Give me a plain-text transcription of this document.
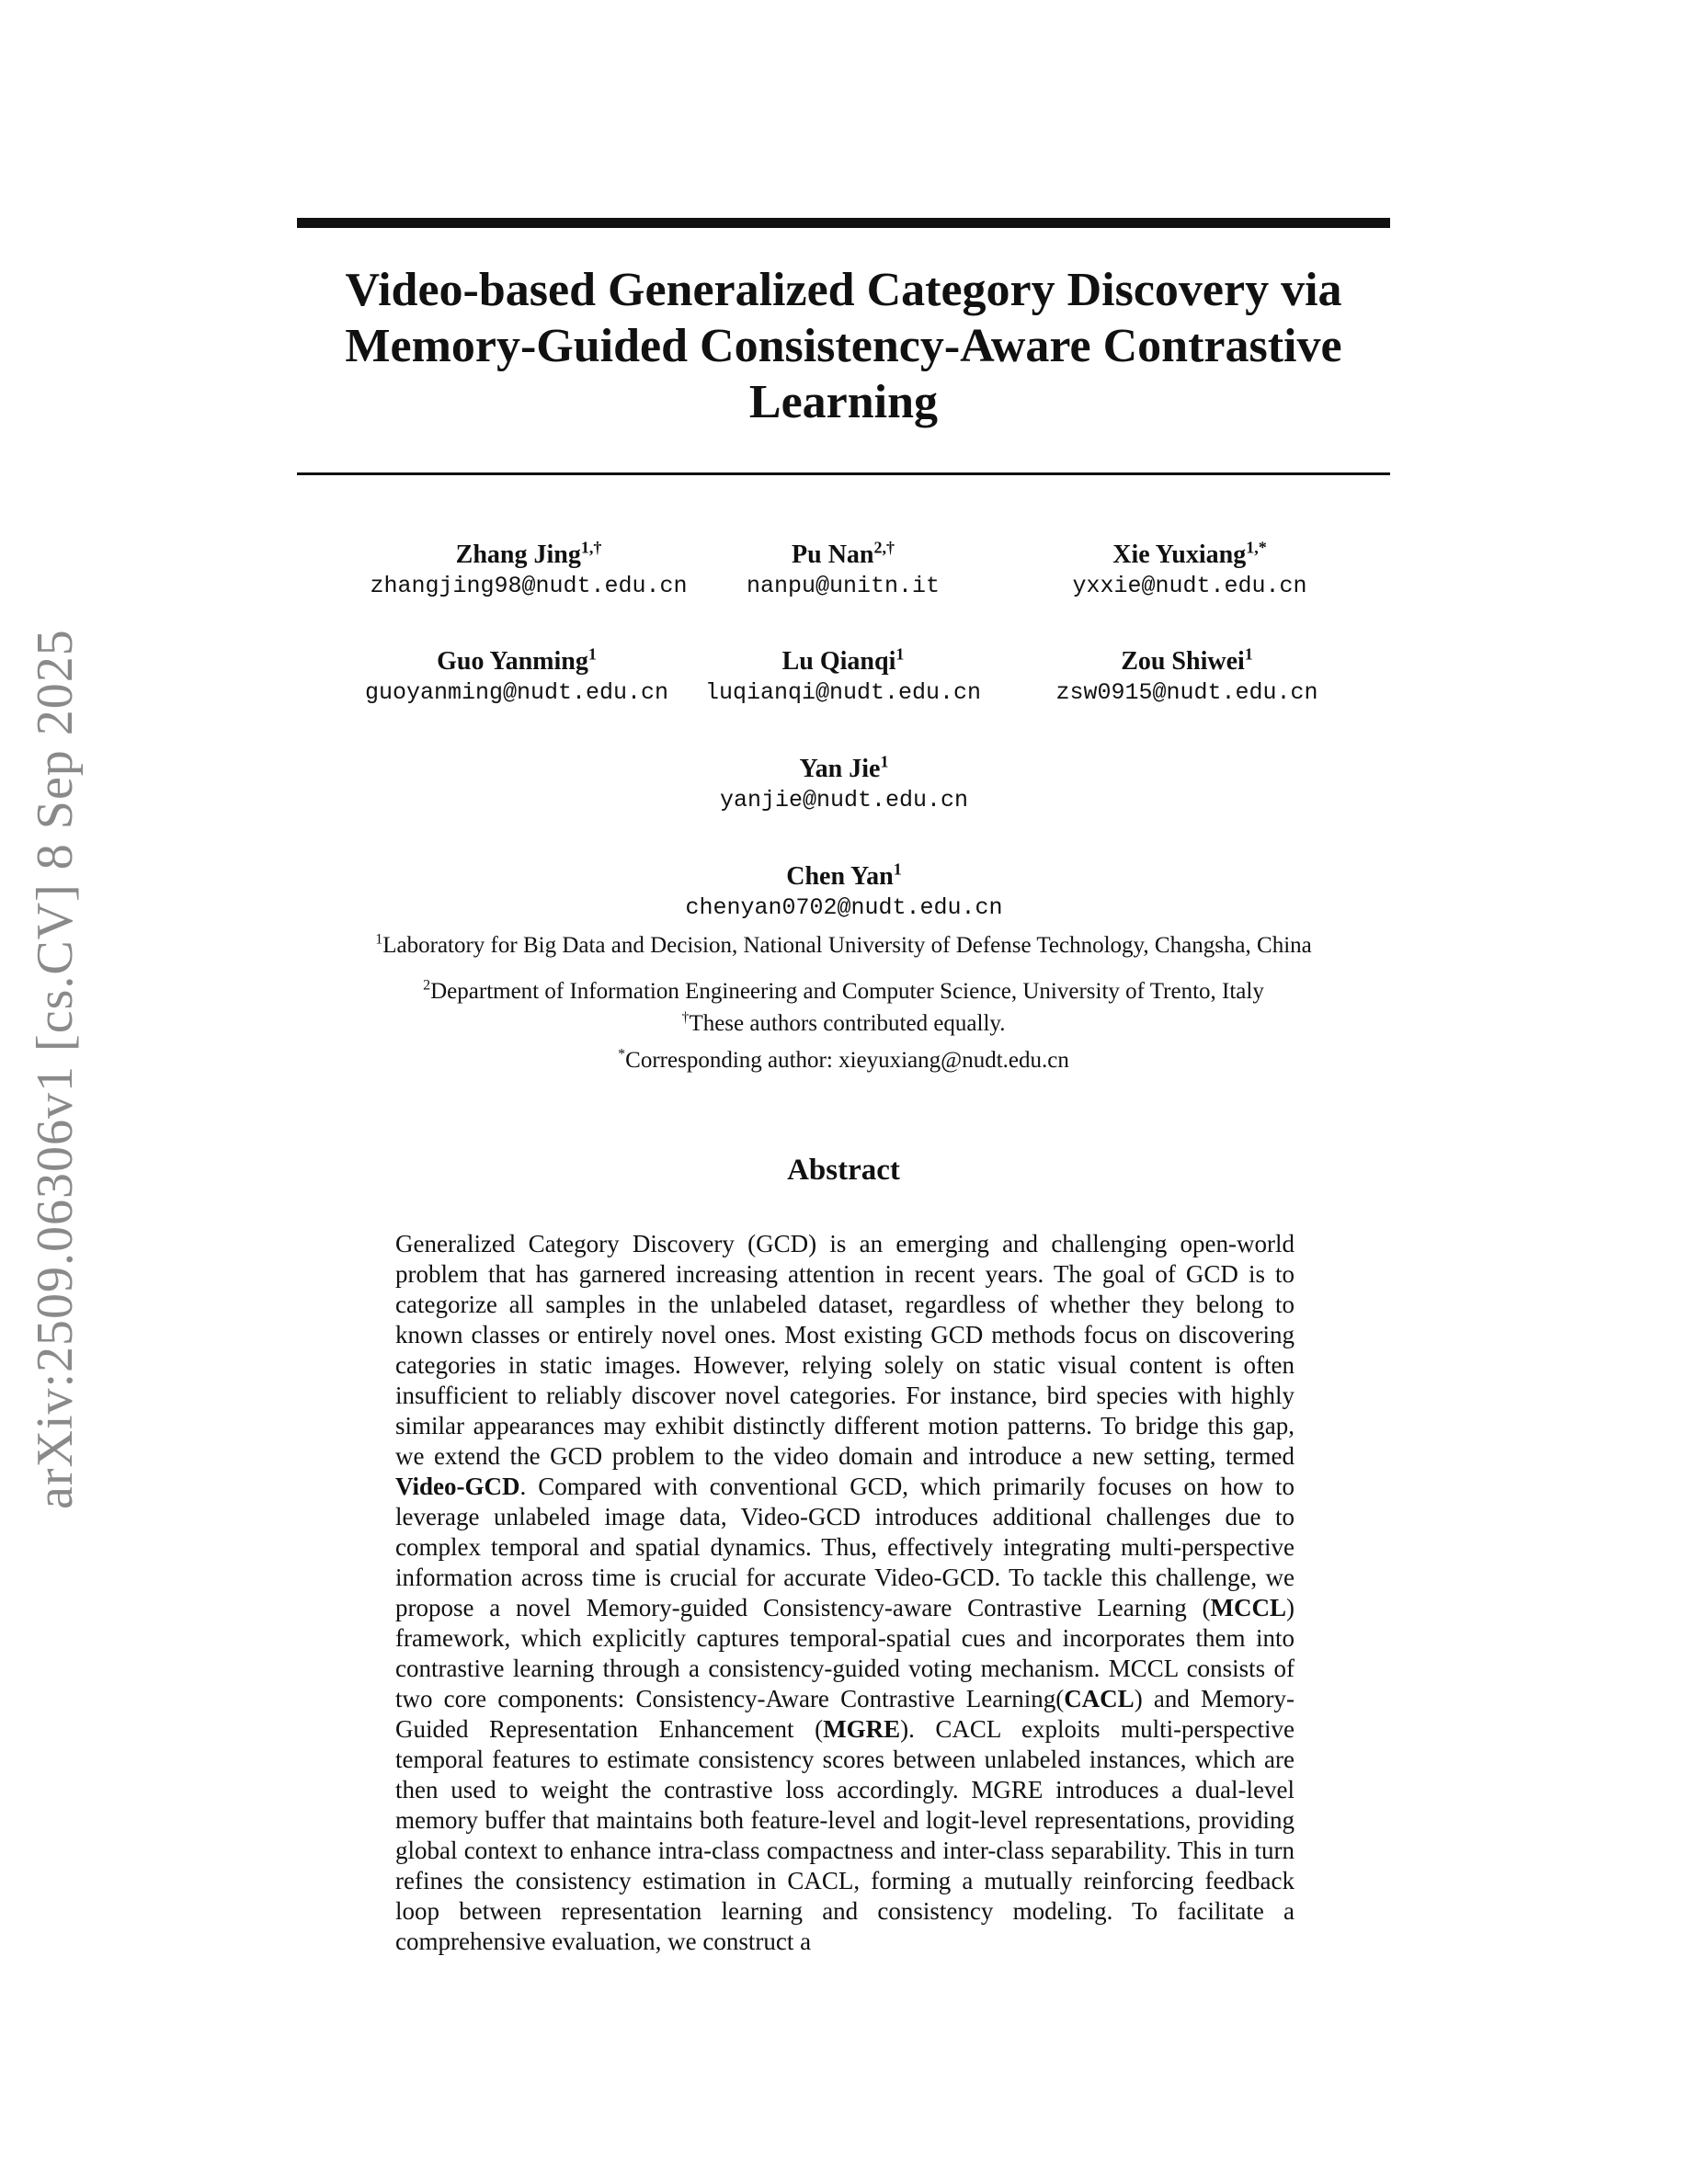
arXiv:2509.06306v1 [cs.CV] 8 Sep 2025
Video-based Generalized Category Discovery via Memory-Guided Consistency-Aware Contrastive Learning
Zhang Jing$^{1,\dagger}$
zhangjing98@nudt.edu.cn
Pu Nan$^{2,\dagger}$
nanpu@unitn.it
Xie Yuxiang$^{1,*}$
yxxie@nudt.edu.cn
Guo Yanming$^1$
guoyanming@nudt.edu.cn
Lu Qianqi$^1$
luqianqi@nudt.edu.cn
Zou Shiwei$^1$
zsw0915@nudt.edu.cn
Yan Jie$^1$
yanjie@nudt.edu.cn
Chen Yan$^1$
chenyan0702@nudt.edu.cn
$^1$Laboratory for Big Data and Decision, National University of Defense Technology, Changsha, China
$^2$Department of Information Engineering and Computer Science, University of Trento, Italy
†These authors contributed equally.
*Corresponding author: xieyuxiang@nudt.edu.cn
Abstract
Generalized Category Discovery (GCD) is an emerging and challenging open-world problem that has garnered increasing attention in recent years. The goal of GCD is to categorize all samples in the unlabeled dataset, regardless of whether they belong to known classes or entirely novel ones. Most existing GCD methods focus on discovering categories in static images. However, relying solely on static visual content is often insufficient to reliably discover novel categories. For instance, bird species with highly similar appearances may exhibit distinctly different motion patterns. To bridge this gap, we extend the GCD problem to the video domain and introduce a new setting, termed Video-GCD. Compared with conventional GCD, which primarily focuses on how to leverage unlabeled image data, Video-GCD introduces additional challenges due to complex temporal and spatial dynamics. Thus, effectively integrating multi-perspective information across time is crucial for accurate Video-GCD. To tackle this challenge, we propose a novel Memory-guided Consistency-aware Contrastive Learning (MCCL) framework, which explicitly captures temporal-spatial cues and incorporates them into contrastive learning through a consistency-guided voting mechanism. MCCL consists of two core components: Consistency-Aware Contrastive Learning(CACL) and Memory-Guided Representation Enhancement (MGRE). CACL exploits multi-perspective temporal features to estimate consistency scores between unlabeled instances, which are then used to weight the contrastive loss accordingly. MGRE introduces a dual-level memory buffer that maintains both feature-level and logit-level representations, providing global context to enhance intra-class compactness and inter-class separability. This in turn refines the consistency estimation in CACL, forming a mutually reinforcing feedback loop between representation learning and consistency modeling. To facilitate a comprehensive evaluation, we construct a
